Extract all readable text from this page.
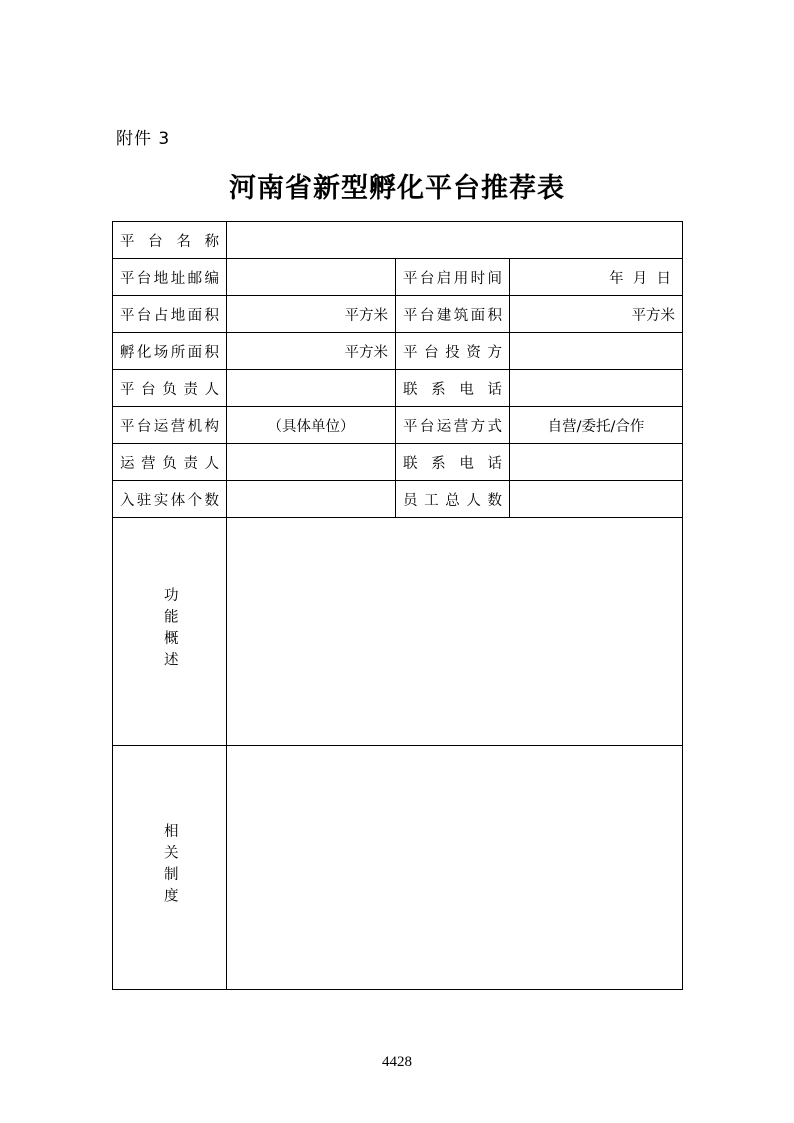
附件 3
河南省新型孵化平台推荐表
平台名称			
平台地址邮编		平台启用时间	年  月  日
平台占地面积	平方米	平台建筑面积	平方米
孵化场所面积	平方米	平台投资方	
平台负责人		联系电话	
平台运营机构	（具体单位）	平台运营方式	自营/委托/合作
运营负责人		联系电话	
入驻实体个数		员工总人数	
功能概述			
相关制度			
4428
